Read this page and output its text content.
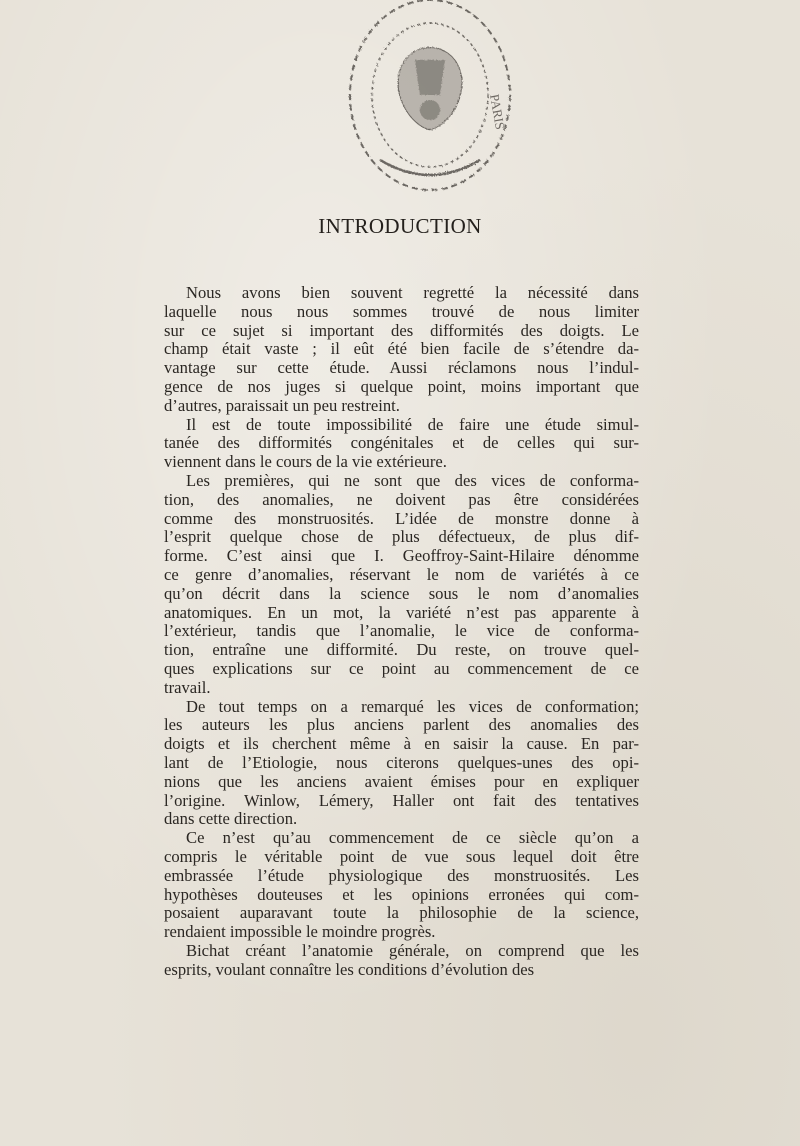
PARIS
INTRODUCTION
Nous avons bien souvent regretté la nécessité dans
laquelle nous nous sommes trouvé de nous limiter
sur ce sujet si important des difformités des doigts. Le
champ était vaste ; il eût été bien facile de s’étendre da-
vantage sur cette étude. Aussi réclamons nous l’indul-
gence de nos juges si quelque point, moins important que
d’autres, paraissait un peu restreint.
Il est de toute impossibilité de faire une étude simul-
tanée des difformités congénitales et de celles qui sur-
viennent dans le cours de la vie extérieure.
Les premières, qui ne sont que des vices de conforma-
tion, des anomalies, ne doivent pas être considérées
comme des monstruosités. L’idée de monstre donne à
l’esprit quelque chose de plus défectueux, de plus dif-
forme. C’est ainsi que I. Geoffroy-Saint-Hilaire dénomme
ce genre d’anomalies, réservant le nom de variétés à ce
qu’on décrit dans la science sous le nom d’anomalies
anatomiques. En un mot, la variété n’est pas apparente à
l’extérieur, tandis que l’anomalie, le vice de conforma-
tion, entraîne une difformité. Du reste, on trouve quel-
ques explications sur ce point au commencement de ce
travail.
De tout temps on a remarqué les vices de conformation;
les auteurs les plus anciens parlent des anomalies des
doigts et ils cherchent même à en saisir la cause. En par-
lant de l’Etiologie, nous citerons quelques-unes des opi-
nions que les anciens avaient émises pour en expliquer
l’origine. Winlow, Lémery, Haller ont fait des tentatives
dans cette direction.
Ce n’est qu’au commencement de ce siècle qu’on a
compris le véritable point de vue sous lequel doit être
embrassée l’étude physiologique des monstruosités. Les
hypothèses douteuses et les opinions erronées qui com-
posaient auparavant toute la philosophie de la science,
rendaient impossible le moindre progrès.
Bichat créant l’anatomie générale, on comprend que les
esprits, voulant connaître les conditions d’évolution des
